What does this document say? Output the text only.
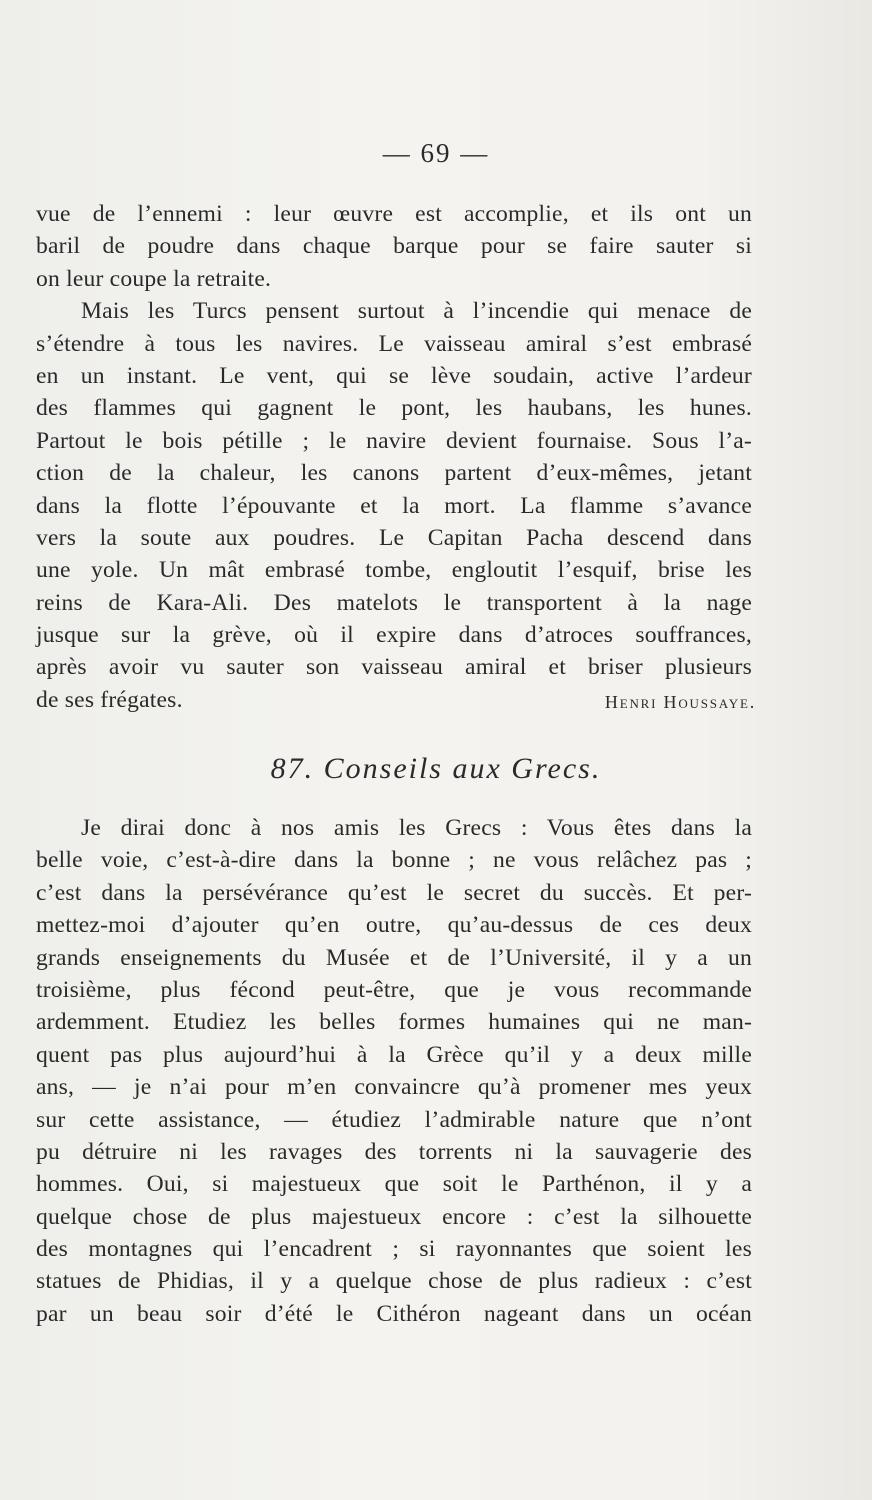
— 69 —
vue de l’ennemi : leur œuvre est accomplie, et ils ont un
baril de poudre dans chaque barque pour se faire sauter si
on leur coupe la retraite.
Mais les Turcs pensent surtout à l’incendie qui menace de
s’étendre à tous les navires. Le vaisseau amiral s’est embrasé
en un instant. Le vent, qui se lève soudain, active l’ardeur
des flammes qui gagnent le pont, les haubans, les hunes.
Partout le bois pétille ; le navire devient fournaise. Sous l’a-
ction de la chaleur, les canons partent d’eux-mêmes, jetant
dans la flotte l’épouvante et la mort. La flamme s’avance
vers la soute aux poudres. Le Capitan Pacha descend dans
une yole. Un mât embrasé tombe, engloutit l’esquif, brise les
reins de Kara-Ali. Des matelots le transportent à la nage
jusque sur la grève, où il expire dans d’atroces souffrances,
après avoir vu sauter son vaisseau amiral et briser plusieurs
de ses frégates.	Henri Houssaye.
87. Conseils aux Grecs.
Je dirai donc à nos amis les Grecs : Vous êtes dans la
belle voie, c’est-à-dire dans la bonne ; ne vous relâchez pas ;
c’est dans la persévérance qu’est le secret du succès. Et per-
mettez-moi d’ajouter qu’en outre, qu’au-dessus de ces deux
grands enseignements du Musée et de l’Université, il y a un
troisième, plus fécond peut-être, que je vous recommande
ardemment. Etudiez les belles formes humaines qui ne man-
quent pas plus aujourd’hui à la Grèce qu’il y a deux mille
ans, — je n’ai pour m’en convaincre qu’à promener mes yeux
sur cette assistance, — étudiez l’admirable nature que n’ont
pu détruire ni les ravages des torrents ni la sauvagerie des
hommes. Oui, si majestueux que soit le Parthénon, il y a
quelque chose de plus majestueux encore : c’est la silhouette
des montagnes qui l’encadrent ; si rayonnantes que soient les
statues de Phidias, il y a quelque chose de plus radieux : c’est
par un beau soir d’été le Cithéron nageant dans un océan
